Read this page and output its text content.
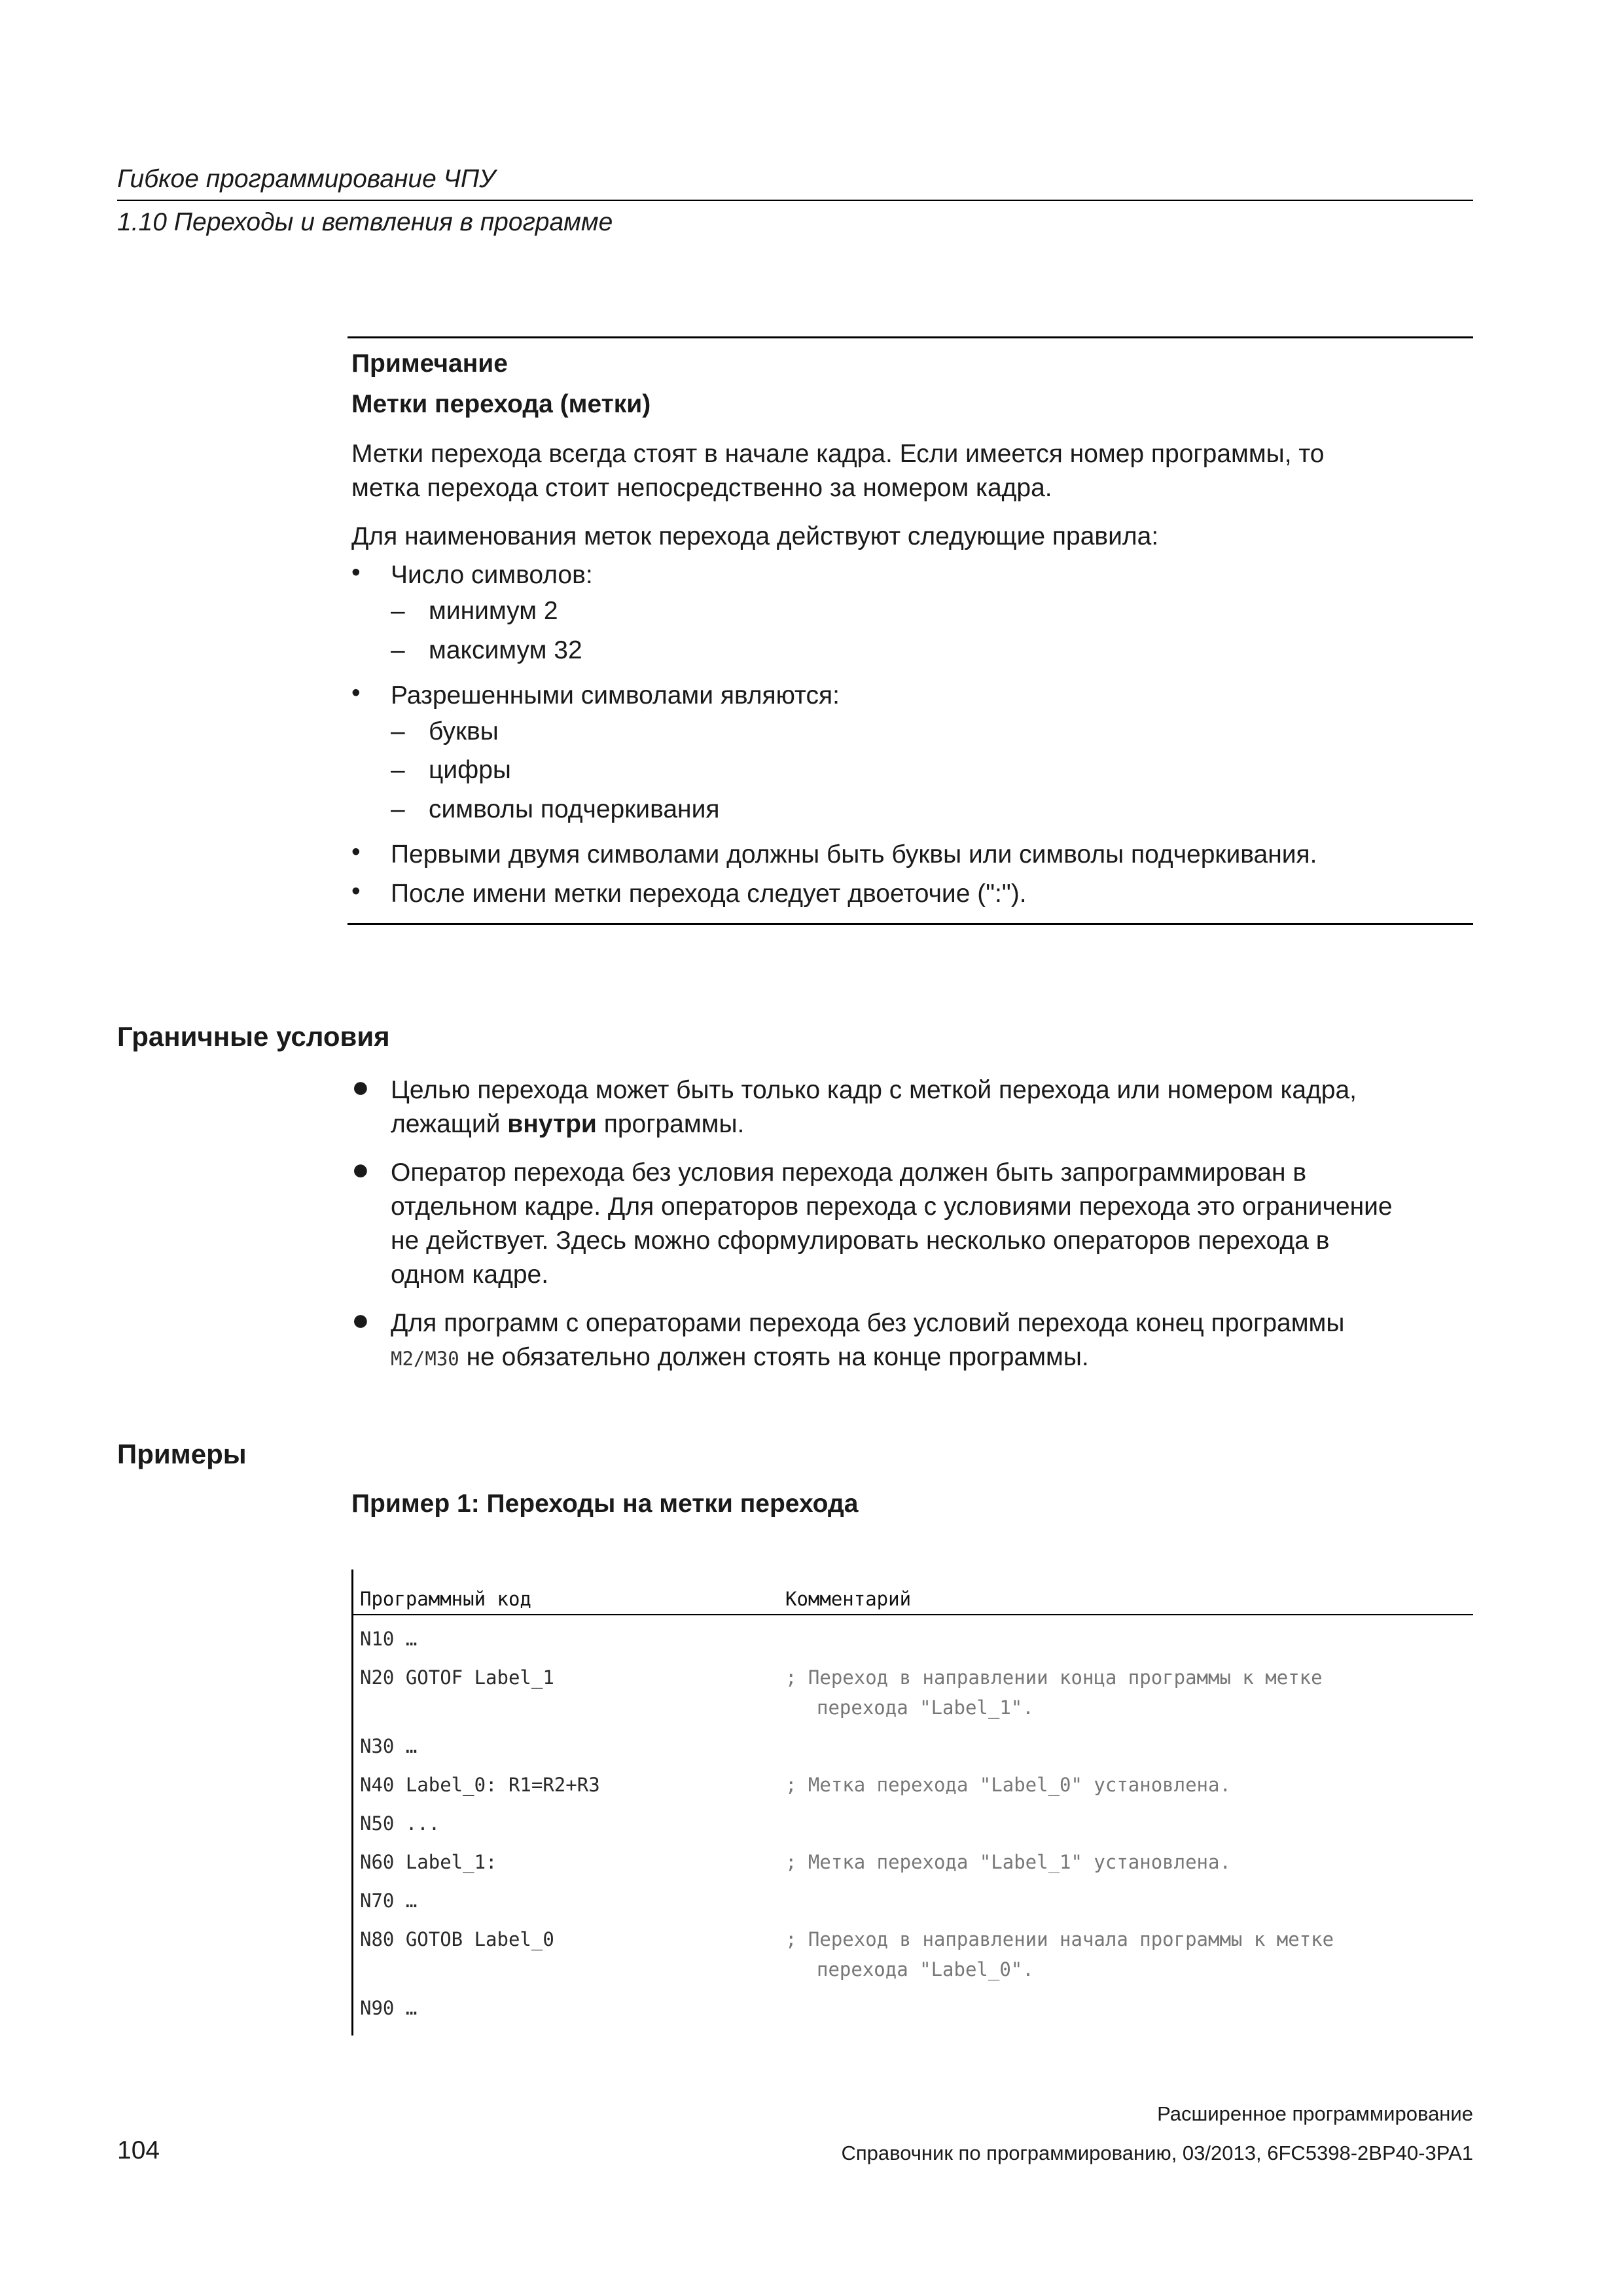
Гибкое программирование ЧПУ
1.10 Переходы и ветвления в программе
Примечание
Метки перехода (метки)
Метки перехода всегда стоят в начале кадра. Если имеется номер программы, то
метка перехода стоит непосредственно за номером кадра.
Для наименования меток перехода действуют следующие правила:
• Число символов:
– минимум 2
– максимум 32
• Разрешенными символами являются:
– буквы
– цифры
– символы подчеркивания
• Первыми двумя символами должны быть буквы или символы подчеркивания.
• После имени метки перехода следует двоеточие (":").
Граничные условия
● Целью перехода может быть только кадр с меткой перехода или номером кадра,
лежащий внутри программы.
● Оператор перехода без условия перехода должен быть запрограммирован в
отдельном кадре. Для операторов перехода с условиями перехода это ограничение
не действует. Здесь можно сформулировать несколько операторов перехода в
одном кадре.
● Для программ с операторами перехода без условий перехода конец программы
M2/M30 не обязательно должен стоять на конце программы.
Примеры
Пример 1: Переходы на метки перехода
Программный код	Комментарий
N10 …
N20 GOTOF Label_1	; Переход в направлении конца программы к метке
перехода "Label_1".
N30 …
N40 Label_0: R1=R2+R3	; Метка перехода "Label_0" установлена.
N50 ...
N60 Label_1:	; Метка перехода "Label_1" установлена.
N70 …
N80 GOTOB Label_0	; Переход в направлении начала программы к метке
перехода "Label_0".
N90 …
Расширенное программирование
104	Справочник по программированию, 03/2013, 6FC5398-2BP40-3PA1
